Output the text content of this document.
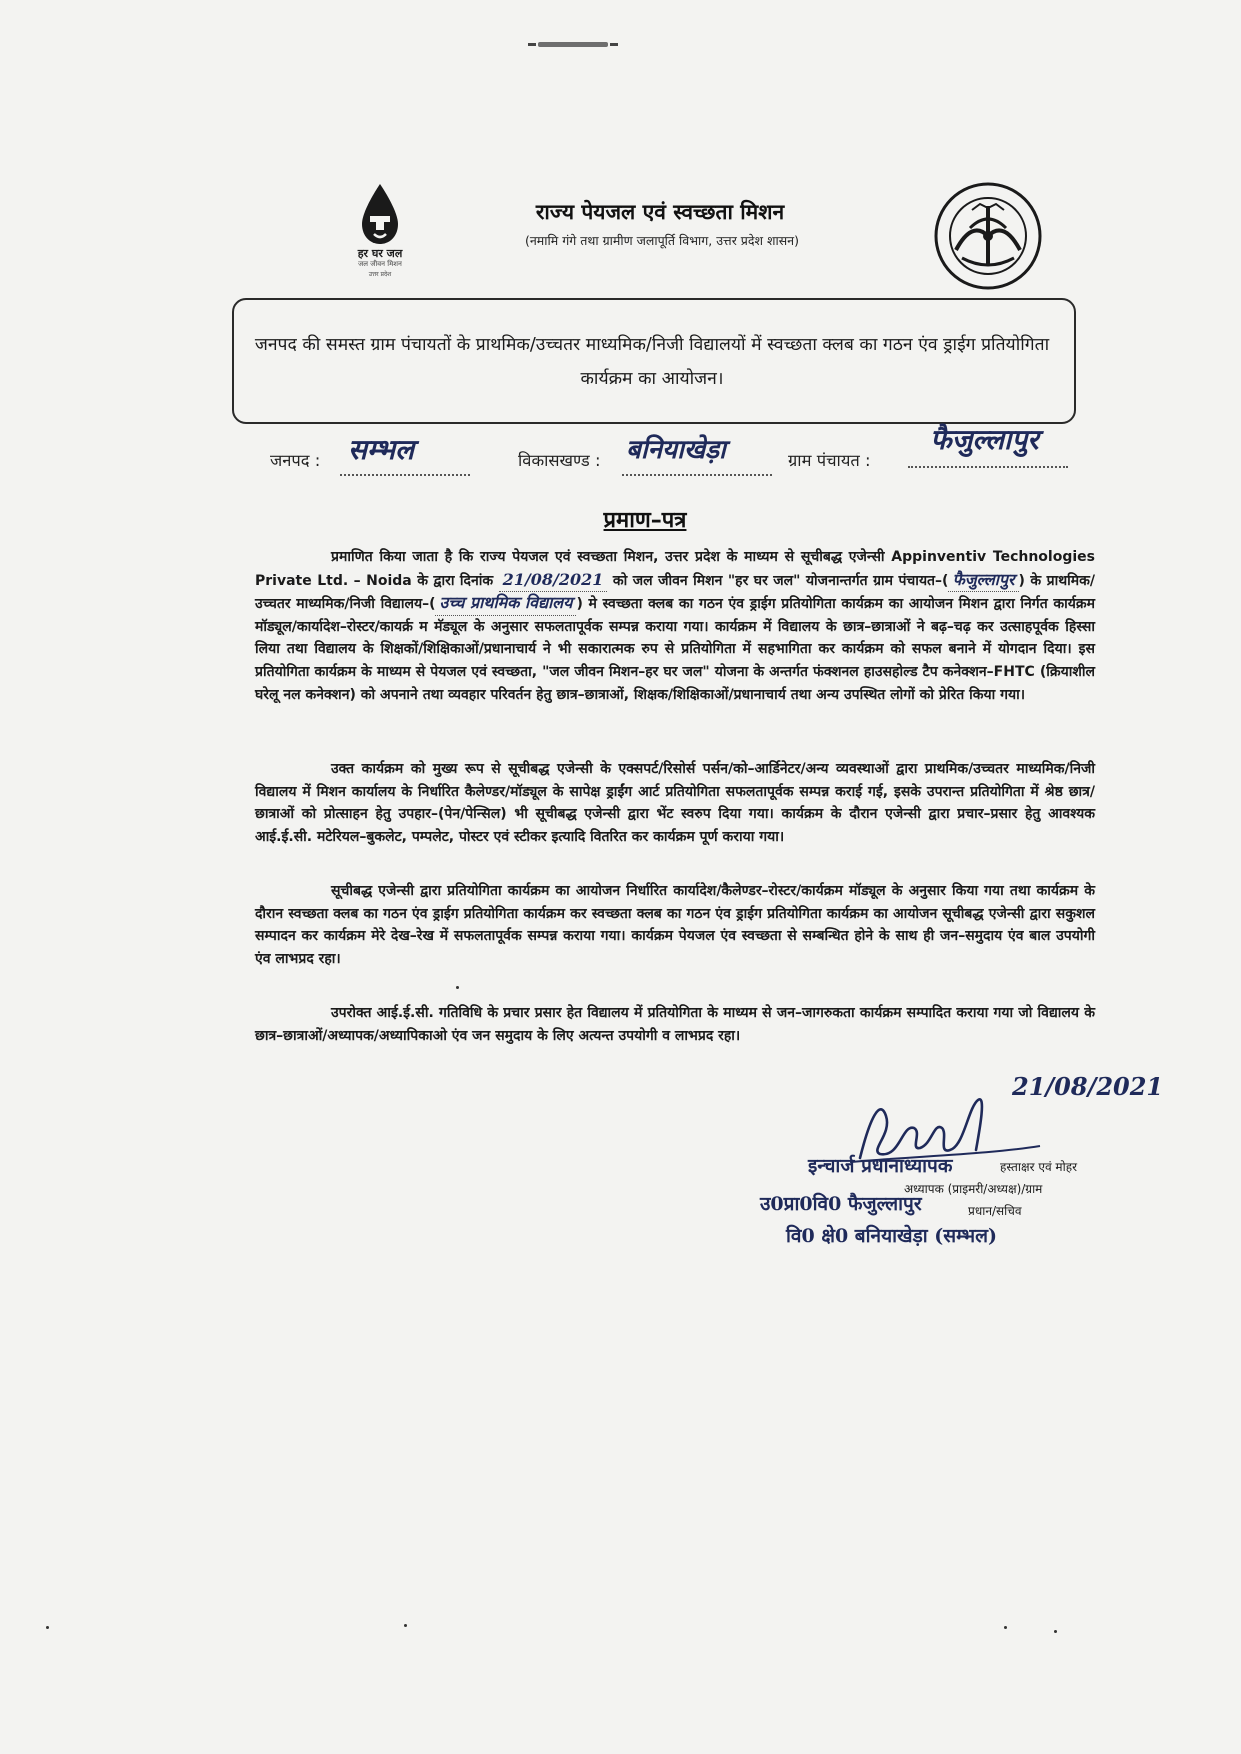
हर घर जल
जल जीवन मिशन
उत्तर प्रदेश
राज्य पेयजल एवं स्वच्छता मिशन
(नमामि गंगे तथा ग्रामीण जलापूर्ति विभाग, उत्तर प्रदेश शासन)
जनपद की समस्त ग्राम पंचायतों के प्राथमिक/उच्चतर माध्यमिक/निजी विद्यालयों में स्वच्छता क्लब का गठन एंव ड्राईग प्रतियोगिता कार्यक्रम का आयोजन।
जनपद : सम्भल	विकासखण्ड : बनियाखेड़ा	ग्राम पंचायत :
फैजुल्लापुर
प्रमाण–पत्र
प्रमाणित किया जाता है कि राज्य पेयजल एवं स्वच्छता मिशन, उत्तर प्रदेश के माध्यम से सूचीबद्ध एजेन्सी Appinventiv Technologies Private Ltd. – Noida के द्वारा दिनांक 21/08/2021 को जल जीवन मिशन "हर घर जल" योजनान्तर्गत ग्राम पंचायत–( फैजुल्लापुर ) के प्राथमिक/उच्चतर माध्यमिक/निजी विद्यालय–( उच्च प्राथमिक विद्यालय ) मे स्वच्छता क्लब का गठन एंव ड्राईग प्रतियोगिता कार्यक्रम का आयोजन मिशन द्वारा निर्गत कार्यक्रम मॉड्यूल/कार्यादेश–रोस्टर/कायर्क्र म मॅड्यूल के अनुसार सफलतापूर्वक सम्पन्न कराया गया। कार्यक्रम में विद्यालय के छात्र–छात्राओं ने बढ़–चढ़ कर उत्साहपूर्वक हिस्सा लिया तथा विद्यालय के शिक्षकों/शिक्षिकाओं/प्रधानाचार्य ने भी सकारात्मक रुप से प्रतियोगिता में सहभागिता कर कार्यक्रम को सफल बनाने में योगदान दिया। इस प्रतियोगिता कार्यक्रम के माध्यम से पेयजल एवं स्वच्छता, "जल जीवन मिशन–हर घर जल" योजना के अन्तर्गत फंक्शनल हाउसहोल्ड टैप कनेक्शन–FHTC (क्रियाशील घरेलू नल कनेक्शन) को अपनाने तथा व्यवहार परिवर्तन हेतु छात्र–छात्राओं, शिक्षक/शिक्षिकाओं/प्रधानाचार्य तथा अन्य उपस्थित लोगों को प्रेरित किया गया।
उक्त कार्यक्रम को मुख्य रूप से सूचीबद्ध एजेन्सी के एक्सपर्ट/रिसोर्स पर्सन/को–आर्डिनेटर/अन्य व्यवस्थाओं द्वारा प्राथमिक/उच्चतर माध्यमिक/निजी विद्यालय में मिशन कार्यालय के निर्धारित कैलेण्डर/मॉड्यूल के सापेक्ष ड्राईंग आर्ट प्रतियोगिता सफलतापूर्वक सम्पन्न कराई गई, इसके उपरान्त प्रतियोगिता में श्रेष्ठ छात्र/छात्राओं को प्रोत्साहन हेतु उपहार–(पेन/पेन्सिल) भी सूचीबद्ध एजेन्सी द्वारा भेंट स्वरुप दिया गया। कार्यक्रम के दौरान एजेन्सी द्वारा प्रचार–प्रसार हेतु आवश्यक आई.ई.सी. मटेरियल–बुकलेट, पम्पलेट, पोस्टर एवं स्टीकर इत्यादि वितरित कर कार्यक्रम पूर्ण कराया गया।
सूचीबद्ध एजेन्सी द्वारा प्रतियोगिता कार्यक्रम का आयोजन निर्धारित कार्यादेश/कैलेण्डर–रोस्टर/कार्यक्रम मॉड्यूल के अनुसार किया गया तथा कार्यक्रम के दौरान स्वच्छता क्लब का गठन एंव ड्राईग प्रतियोगिता कार्यक्रम कर स्वच्छता क्लब का गठन एंव ड्राईग प्रतियोगिता कार्यक्रम का आयोजन सूचीबद्ध एजेन्सी द्वारा सकुशल सम्पादन कर कार्यक्रम मेरे देख–रेख में सफलतापूर्वक सम्पन्न कराया गया। कार्यक्रम पेयजल एंव स्वच्छता से सम्बन्धित होने के साथ ही जन–समुदाय एंव बाल उपयोगी एंव लाभप्रद रहा।
उपरोक्त आई.ई.सी. गतिविधि के प्रचार प्रसार हेत विद्यालय में प्रतियोगिता के माध्यम से जन–जागरुकता कार्यक्रम सम्पादित कराया गया जो विद्यालय के छात्र–छात्राओं/अध्यापक/अध्यापिकाओ एंव जन समुदाय के लिए अत्यन्त उपयोगी व लाभप्रद रहा।
21/08/2021
इन्चार्ज प्रधानाध्यापक	हस्ताक्षर एवं मोहर
उ0प्रा0वि0 फैजुल्लापुर
अध्यापक (प्राइमरी/अध्यक्ष)/ग्राम
प्रधान/सचिव
वि0 क्षे0 बनियाखेड़ा (सम्भल)
